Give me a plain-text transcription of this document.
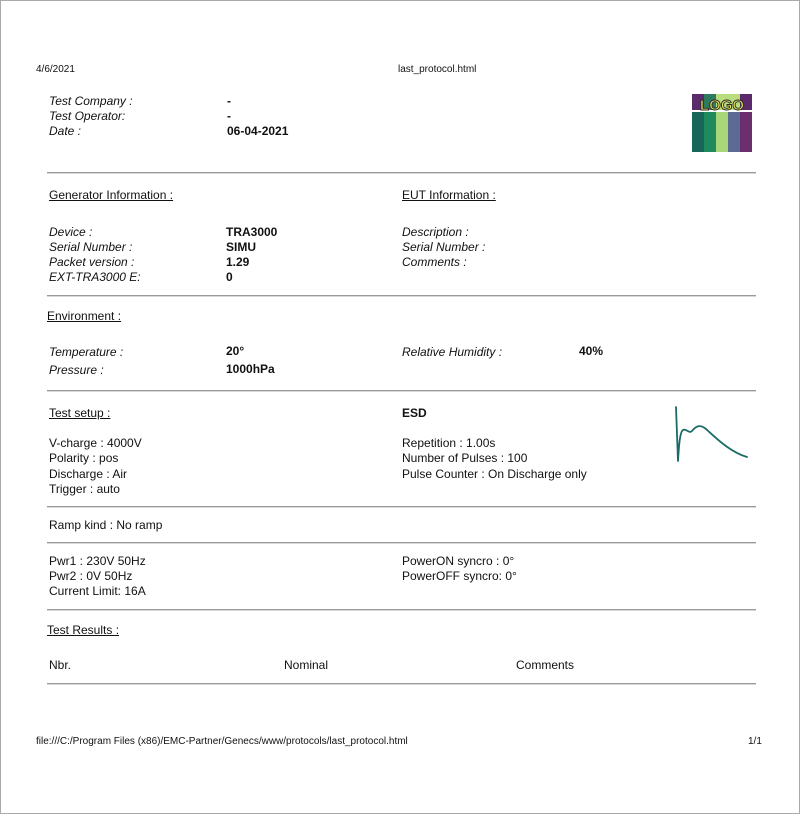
4/6/2021	last_protocol.html
Test Company :	-
Test Operator:	-
Date :	06-04-2021
LOGO
Generator Information :	EUT Information :
Device :	TRA3000
Serial Number :	SIMU
Packet version :	1.29
EXT-TRA3000 E:	0
Description :
Serial Number :
Comments :
Environment :
Temperature :	20°
Pressure :	1000hPa
Relative Humidity :	40%
Test setup :	ESD
V-charge : 4000V
Polarity : pos
Discharge : Air
Trigger : auto
Repetition : 1.00s
Number of Pulses : 100
Pulse Counter : On Discharge only
Ramp kind : No ramp
Pwr1 : 230V 50Hz
Pwr2 : 0V 50Hz
Current Limit: 16A
PowerON syncro : 0°
PowerOFF syncro: 0°
Test Results :
Nbr.	Nominal	Comments
file:///C:/Program Files (x86)/EMC-Partner/Genecs/www/protocols/last_protocol.html	1/1
